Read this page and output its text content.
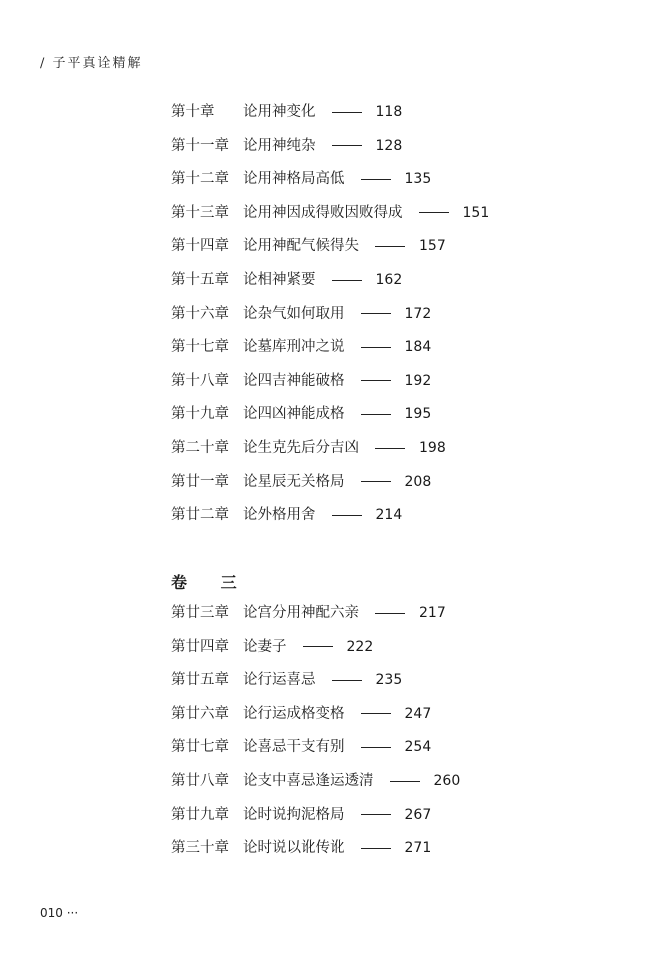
/ 子平真诠精解
卷 三
第十章 论用神变化	118
第十一章 论用神纯杂	128
第十二章 论用神格局高低	135
第十三章 论用神因成得败因败得成	151
第十四章 论用神配气候得失	157
第十五章 论相神紧要	162
第十六章 论杂气如何取用	172
第十七章 论墓库刑冲之说	184
第十八章 论四吉神能破格	192
第十九章 论四凶神能成格	195
第二十章 论生克先后分吉凶	198
第廿一章 论星辰无关格局	208
第廿二章 论外格用舍	214
第廿三章 论宫分用神配六亲	217
第廿四章 论妻子	222
第廿五章 论行运喜忌	235
第廿六章 论行运成格变格	247
第廿七章 论喜忌干支有别	254
第廿八章 论支中喜忌逢运透清	260
第廿九章 论时说拘泥格局	267
第三十章 论时说以讹传讹	271
010 ···
